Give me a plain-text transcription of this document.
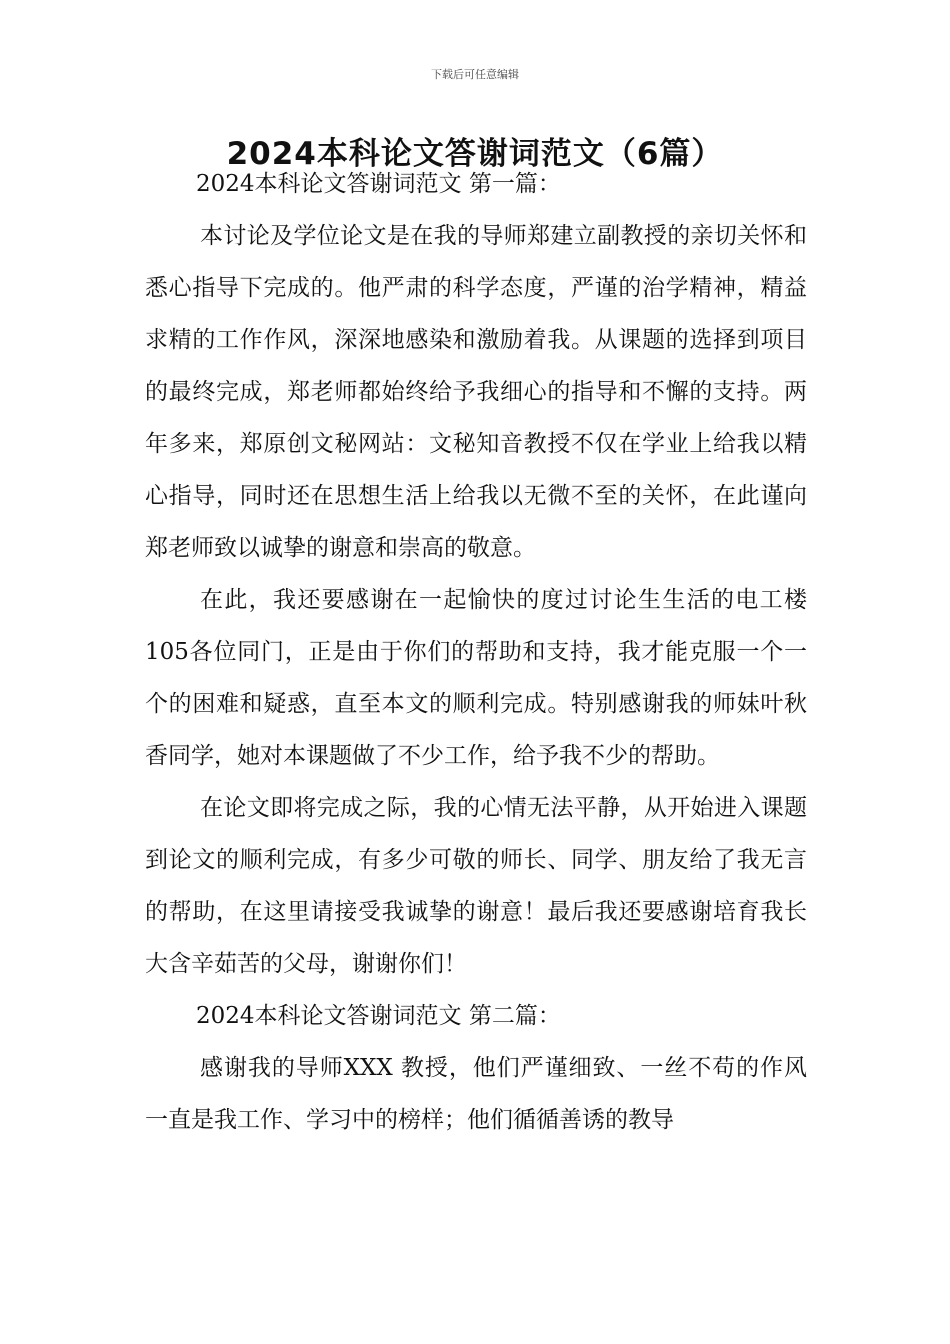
下载后可任意编辑
2024本科论文答谢词范文（6篇）

2024本科论文答谢词范文 第一篇：

本讨论及学位论文是在我的导师郑建立副教授的亲切关怀和悉心指导下完成的。他严肃的科学态度，严谨的治学精神，精益求精的工作作风，深深地感染和激励着我。从课题的选择到项目的最终完成，郑老师都始终给予我细心的指导和不懈的支持。两年多来，郑原创文秘网站：文秘知音教授不仅在学业上给我以精心指导，同时还在思想生活上给我以无微不至的关怀，在此谨向郑老师致以诚挚的谢意和崇高的敬意。

在此，我还要感谢在一起愉快的度过讨论生生活的电工楼105各位同门，正是由于你们的帮助和支持，我才能克服一个一个的困难和疑惑，直至本文的顺利完成。特别感谢我的师妹叶秋香同学，她对本课题做了不少工作，给予我不少的帮助。

在论文即将完成之际，我的心情无法平静，从开始进入课题到论文的顺利完成，有多少可敬的师长、同学、朋友给了我无言的帮助，在这里请接受我诚挚的谢意！最后我还要感谢培育我长大含辛茹苦的父母，谢谢你们！

2024本科论文答谢词范文 第二篇：

感谢我的导师XXX 教授，他们严谨细致、一丝不苟的作风一直是我工作、学习中的榜样；他们循循善诱的教导
